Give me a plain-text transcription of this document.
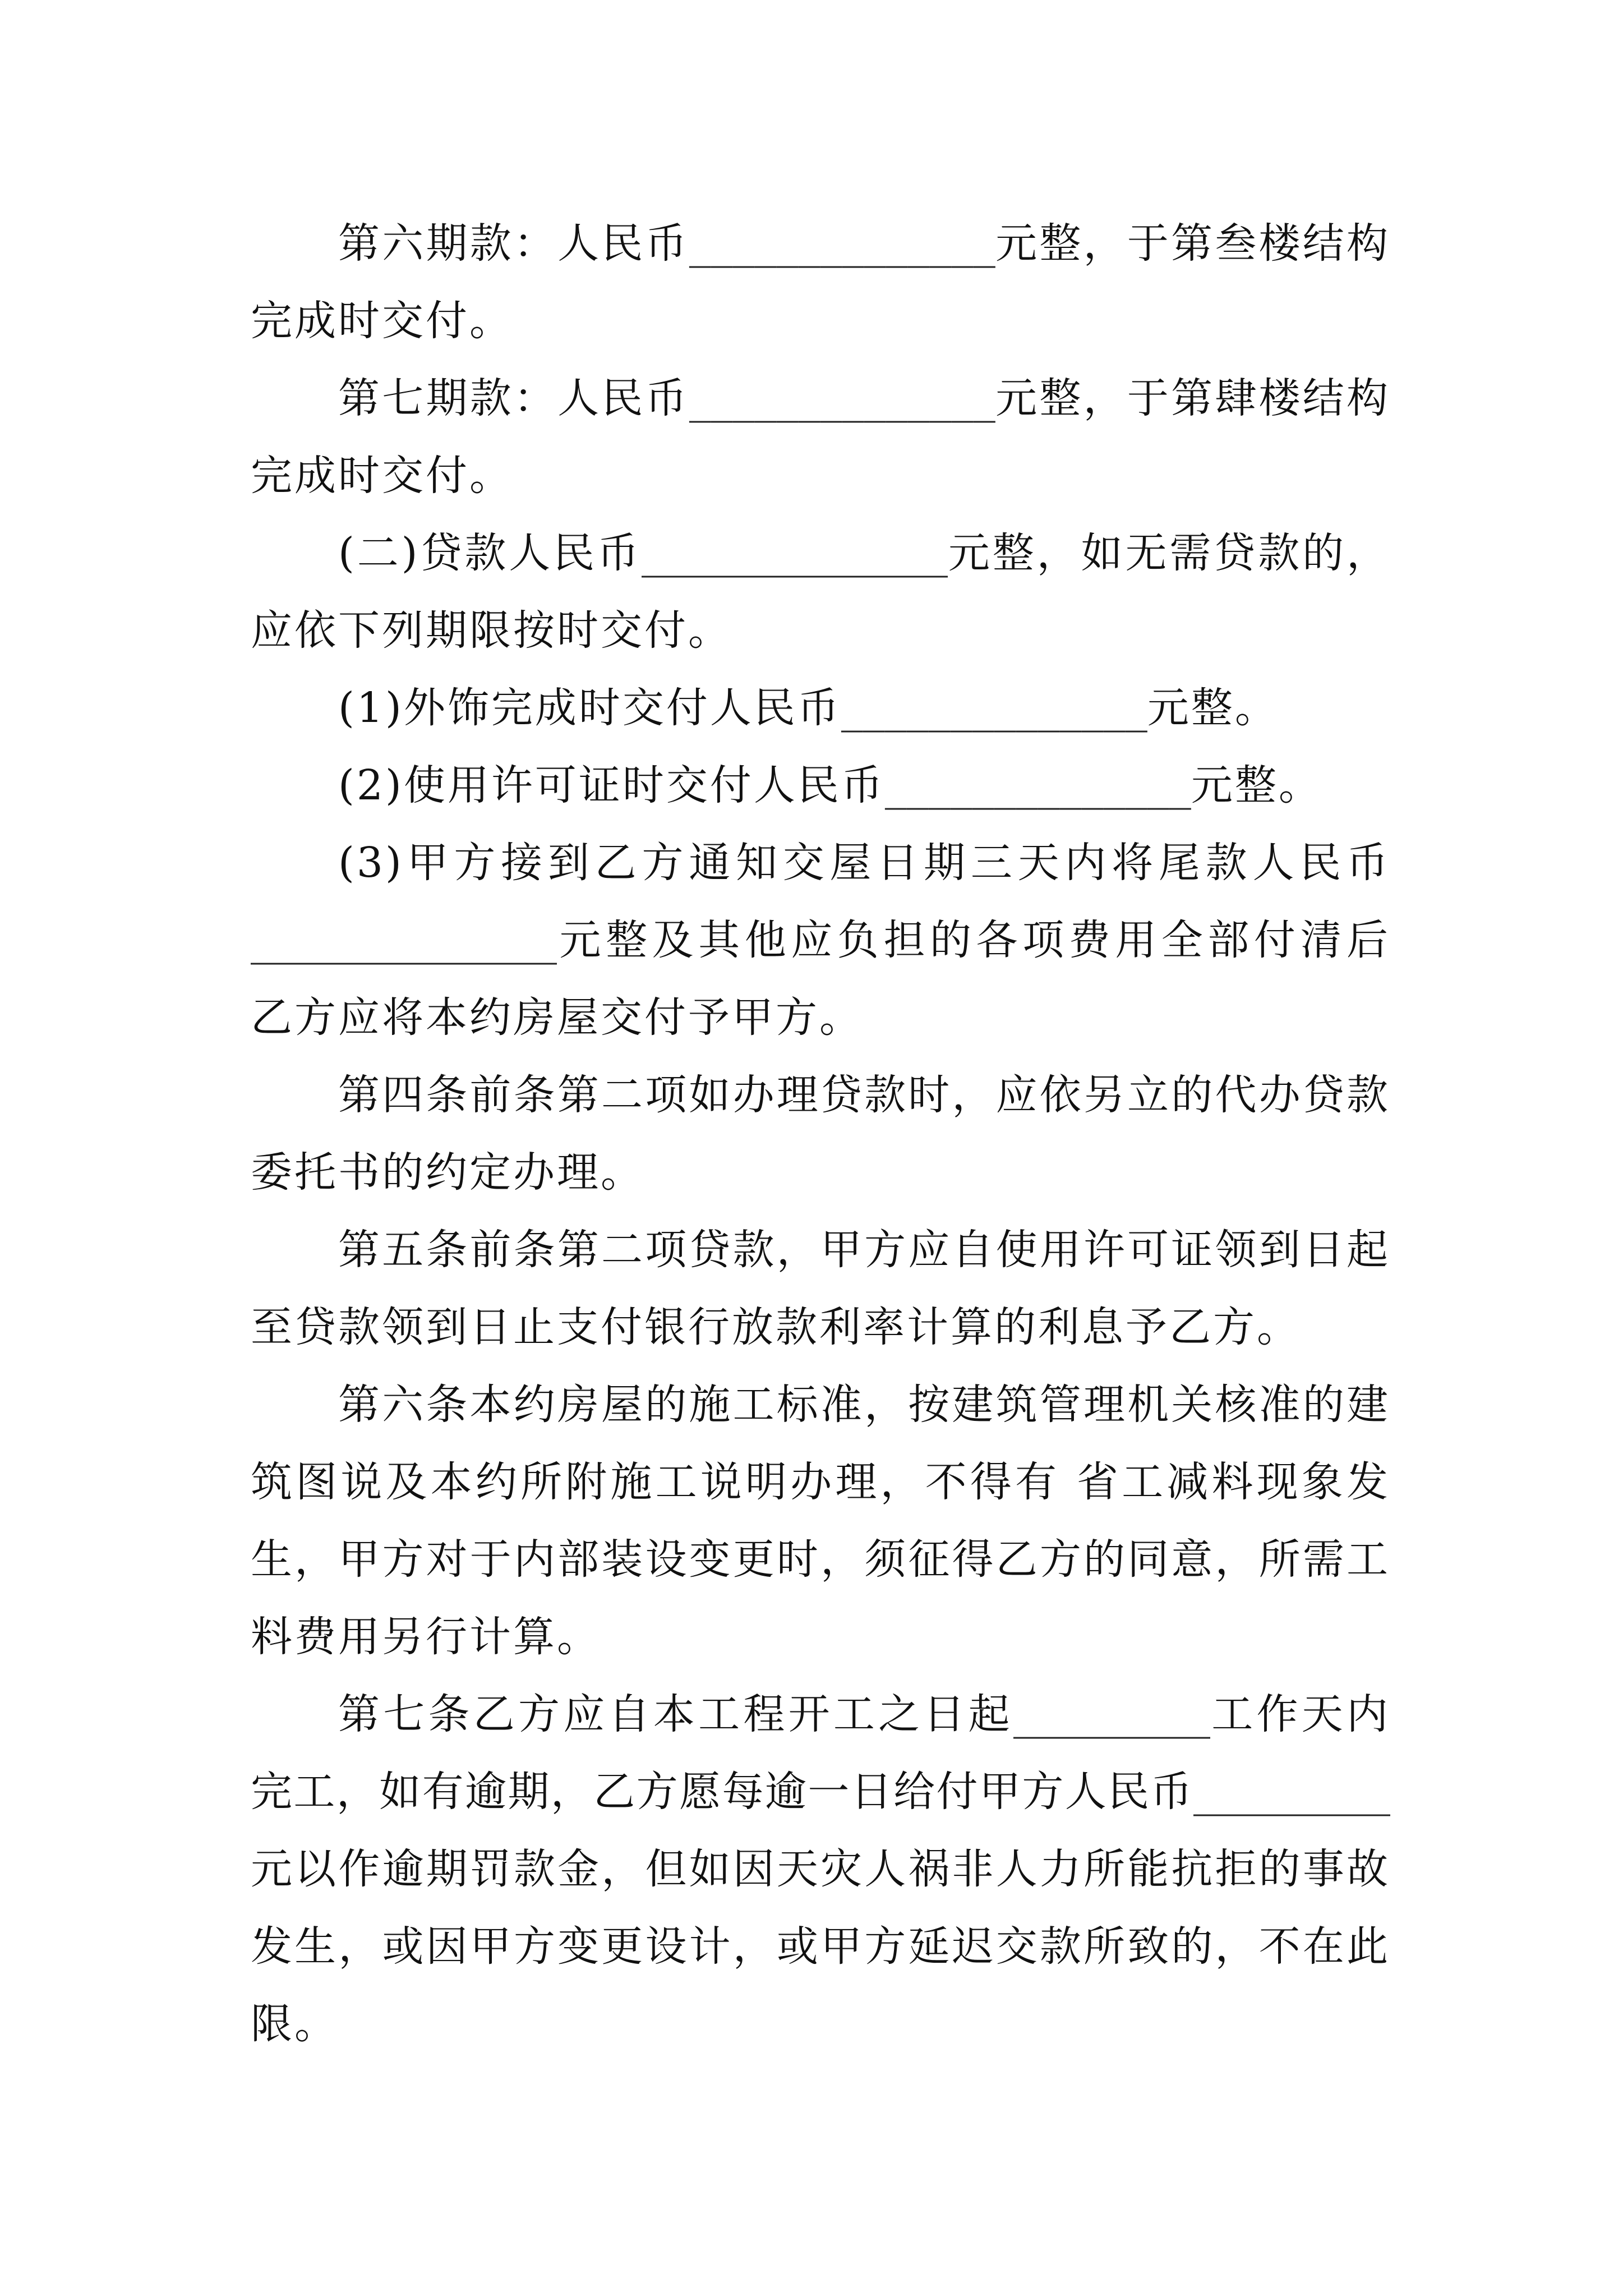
第六期款：人民币______________元整，于第叁楼结构
完成时交付。
第七期款：人民币______________元整，于第肆楼结构
完成时交付。
(二)贷款人民币______________元整，如无需贷款的，
应依下列期限按时交付。
(1)外饰完成时交付人民币______________元整。
(2)使用许可证时交付人民币______________元整。
(3)甲方接到乙方通知交屋日期三天内将尾款人民币
______________元整及其他应负担的各项费用全部付清后
乙方应将本约房屋交付予甲方。
第四条前条第二项如办理贷款时，应依另立的代办贷款
委托书的约定办理。
第五条前条第二项贷款，甲方应自使用许可证领到日起
至贷款领到日止支付银行放款利率计算的利息予乙方。
第六条本约房屋的施工标准，按建筑管理机关核准的建
筑图说及本约所附施工说明办理，不得有 省工减料现象发
生，甲方对于内部装设变更时，须征得乙方的同意，所需工
料费用另行计算。
第七条乙方应自本工程开工之日起_________工作天内
完工，如有逾期，乙方愿每逾一日给付甲方人民币_________
元以作逾期罚款金，但如因天灾人祸非人力所能抗拒的事故
发生，或因甲方变更设计，或甲方延迟交款所致的，不在此
限。
